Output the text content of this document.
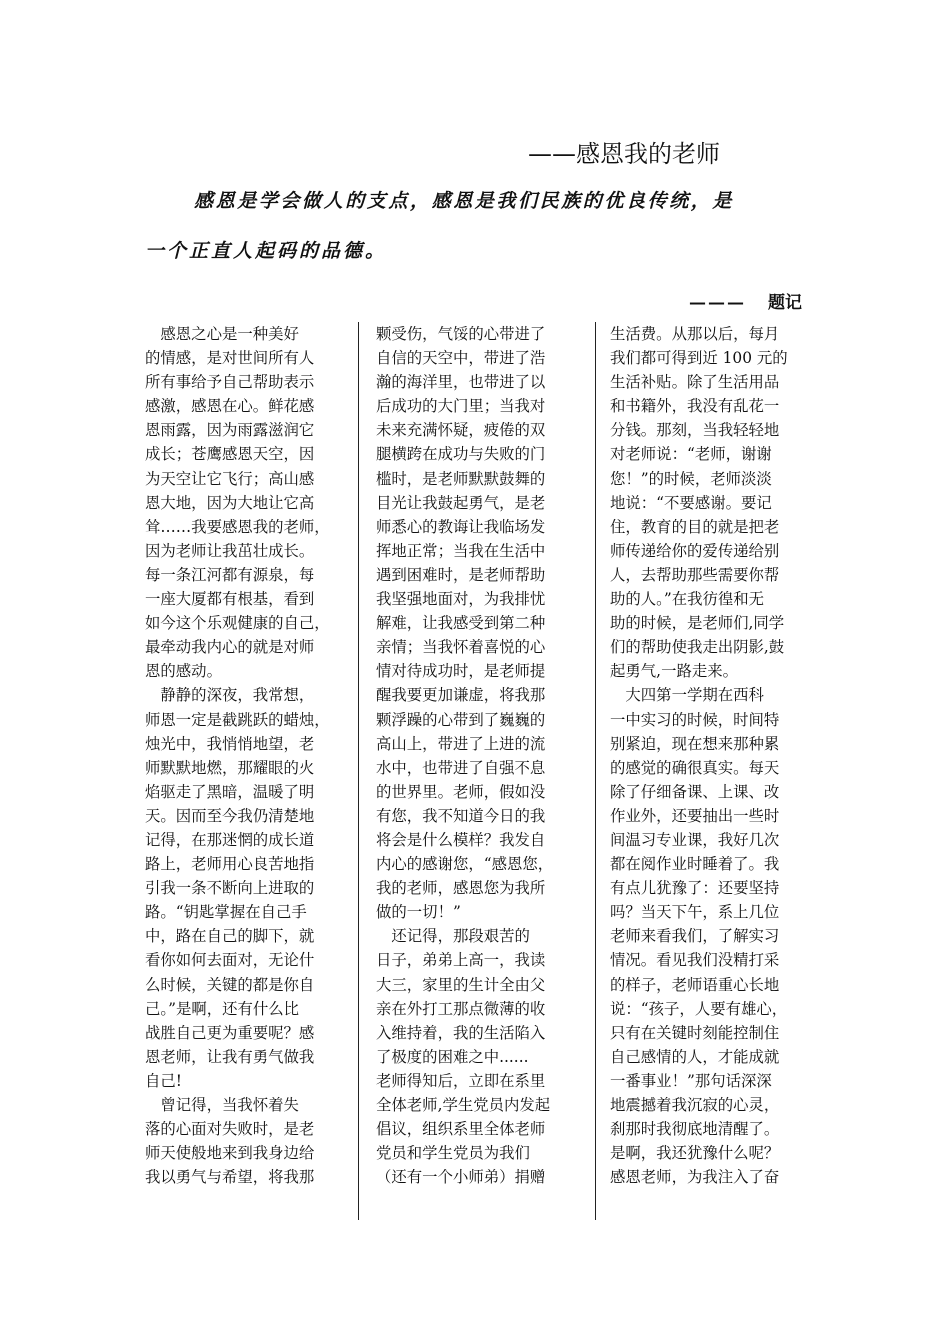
——感恩我的老师
感恩是学会做人的支点，感恩是我们民族的优良传统，是
一个正直人起码的品德。
——— 题记
　感恩之心是一种美好
的情感，是对世间所有人
所有事给予自己帮助表示
感激，感恩在心。鲜花感
恩雨露，因为雨露滋润它
成长；苍鹰感恩天空，因
为天空让它飞行；高山感
恩大地，因为大地让它高
耸……我要感恩我的老师，
因为老师让我茁壮成长。
每一条江河都有源泉，每
一座大厦都有根基，看到
如今这个乐观健康的自己，
最牵动我内心的就是对师
恩的感动。
　静静的深夜，我常想，
师恩一定是截跳跃的蜡烛，
烛光中，我悄悄地望，老
师默默地燃，那耀眼的火
焰驱走了黑暗，温暖了明
天。因而至今我仍清楚地
记得，在那迷惘的成长道
路上，老师用心良苦地指
引我一条不断向上进取的
路。“钥匙掌握在自己手
中，路在自己的脚下，就
看你如何去面对，无论什
么时候，关键的都是你自
己。”是啊，还有什么比
战胜自己更为重要呢？感
恩老师，让我有勇气做我
自己!
　曾记得，当我怀着失
落的心面对失败时，是老
师天使般地来到我身边给
我以勇气与希望，将我那
颗受伤，气馁的心带进了
自信的天空中，带进了浩
瀚的海洋里，也带进了以
后成功的大门里；当我对
未来充满怀疑，疲倦的双
腿横跨在成功与失败的门
槛时，是老师默默鼓舞的
目光让我鼓起勇气，是老
师悉心的教诲让我临场发
挥地正常；当我在生活中
遇到困难时，是老师帮助
我坚强地面对，为我排忧
解难，让我感受到第二种
亲情；当我怀着喜悦的心
情对待成功时，是老师提
醒我要更加谦虚，将我那
颗浮躁的心带到了巍巍的
高山上，带进了上进的流
水中，也带进了自强不息
的世界里。老师，假如没
有您，我不知道今日的我
将会是什么模样？我发自
内心的感谢您，“感恩您，
我的老师，感恩您为我所
做的一切！”
　还记得，那段艰苦的
日子，弟弟上高一，我读
大三，家里的生计全由父
亲在外打工那点微薄的收
入维持着，我的生活陷入
了极度的困难之中......
老师得知后，立即在系里
全体老师,学生党员内发起
倡议，组织系里全体老师
党员和学生党员为我们
（还有一个小师弟）捐赠
生活费。从那以后，每月
我们都可得到近 100 元的
生活补贴。除了生活用品
和书籍外，我没有乱花一
分钱。那刻，当我轻轻地
对老师说：“老师，谢谢
您！”的时候，老师淡淡
地说：“不要感谢。要记
住，教育的目的就是把老
师传递给你的爱传递给别
人，去帮助那些需要你帮
助的人。”在我彷徨和无
助的时候，是老师们,同学
们的帮助使我走出阴影,鼓
起勇气,一路走来。
　大四第一学期在西科
一中实习的时候，时间特
别紧迫，现在想来那种累
的感觉的确很真实。每天
除了仔细备课、上课、改
作业外，还要抽出一些时
间温习专业课，我好几次
都在阅作业时睡着了。我
有点儿犹豫了：还要坚持
吗？当天下午，系上几位
老师来看我们，了解实习
情况。看见我们没精打采
的样子，老师语重心长地
说：“孩子，人要有雄心，
只有在关键时刻能控制住
自己感情的人，才能成就
一番事业！”那句话深深
地震撼着我沉寂的心灵，
刹那时我彻底地清醒了。
是啊，我还犹豫什么呢？
感恩老师，为我注入了奋
